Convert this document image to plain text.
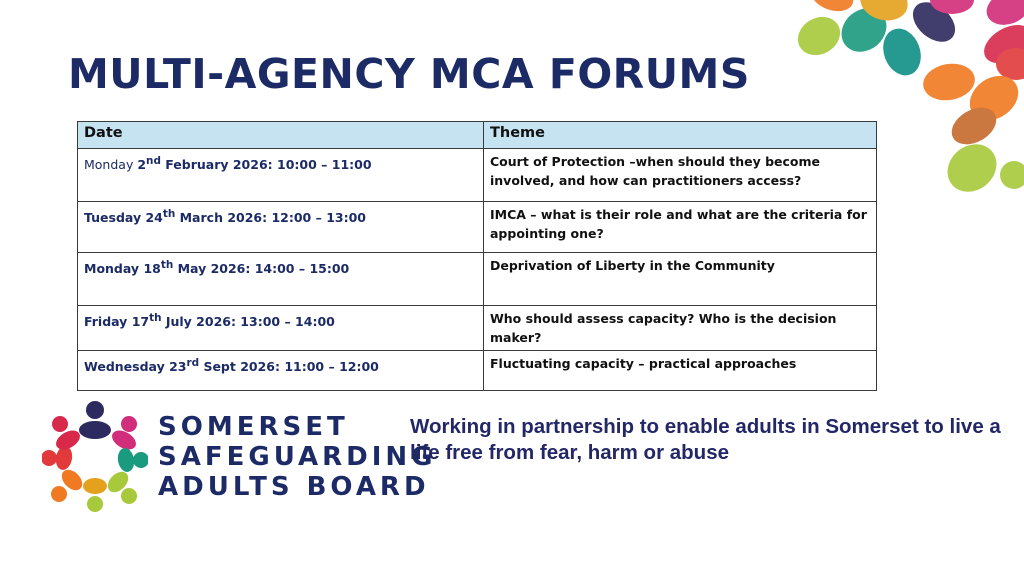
MULTI-AGENCY MCA FORUMS
Date	Theme
Monday 2nd February 2026: 10:00 – 11:00	Court of Protection –when should they become involved, and how can practitioners access?
Tuesday 24th March 2026: 12:00 – 13:00	IMCA – what is their role and what are the criteria for appointing one?
Monday 18th May 2026: 14:00 – 15:00	Deprivation of Liberty in the Community
Friday 17th July 2026: 13:00 – 14:00	Who should assess capacity? Who is the decision maker?
Wednesday 23rd Sept 2026: 11:00 – 12:00	Fluctuating capacity – practical approaches
SOMERSET
SAFEGUARDING
ADULTS BOARD

Working in partnership to enable adults in Somerset to live a life free from fear, harm or abuse
